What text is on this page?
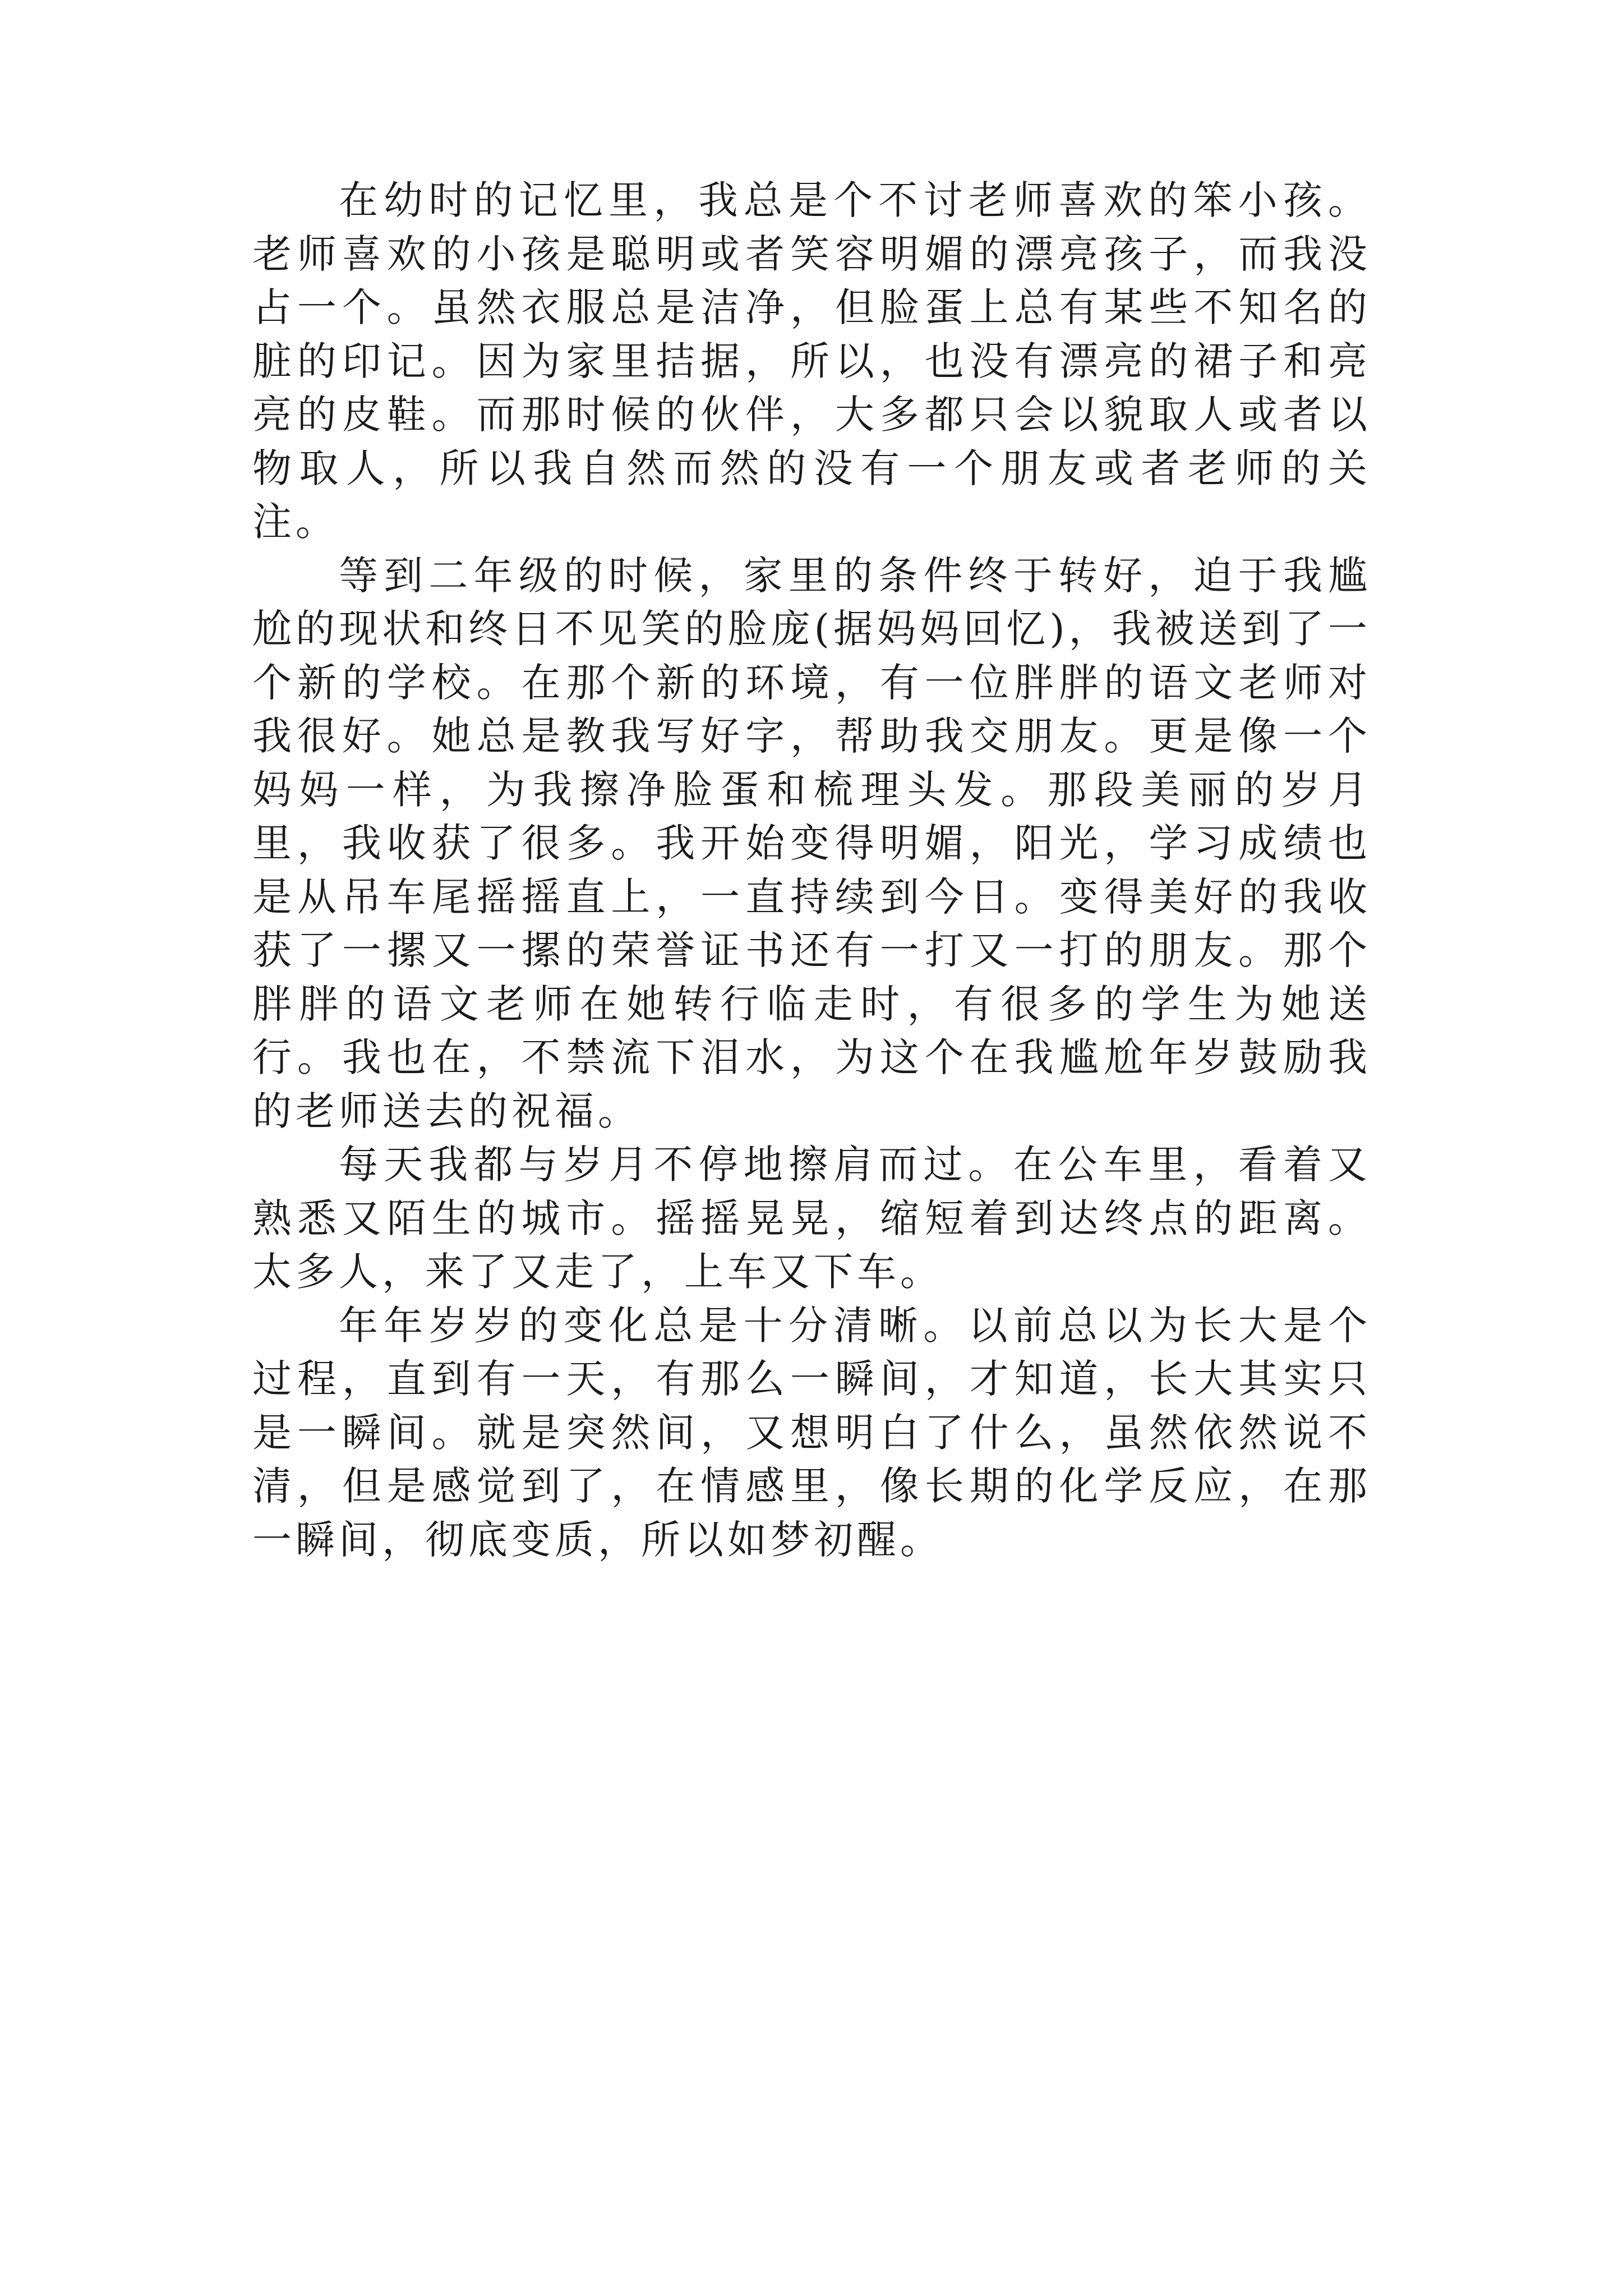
在幼时的记忆里，我总是个不讨老师喜欢的笨小孩。老师喜欢的小孩是聪明或者笑容明媚的漂亮孩子，而我没占一个。虽然衣服总是洁净，但脸蛋上总有某些不知名的脏的印记。因为家里拮据，所以，也没有漂亮的裙子和亮亮的皮鞋。而那时候的伙伴，大多都只会以貌取人或者以物取人，所以我自然而然的没有一个朋友或者老师的关注。

等到二年级的时候，家里的条件终于转好，迫于我尴尬的现状和终日不见笑的脸庞(据妈妈回忆)，我被送到了一个新的学校。在那个新的环境，有一位胖胖的语文老师对我很好。她总是教我写好字，帮助我交朋友。更是像一个妈妈一样，为我擦净脸蛋和梳理头发。那段美丽的岁月里，我收获了很多。我开始变得明媚，阳光，学习成绩也是从吊车尾摇摇直上，一直持续到今日。变得美好的我收获了一摞又一摞的荣誉证书还有一打又一打的朋友。那个胖胖的语文老师在她转行临走时，有很多的学生为她送行。我也在，不禁流下泪水，为这个在我尴尬年岁鼓励我的老师送去的祝福。

每天我都与岁月不停地擦肩而过。在公车里，看着又熟悉又陌生的城市。摇摇晃晃，缩短着到达终点的距离。太多人，来了又走了，上车又下车。

年年岁岁的变化总是十分清晰。以前总以为长大是个过程，直到有一天，有那么一瞬间，才知道，长大其实只是一瞬间。就是突然间，又想明白了什么，虽然依然说不清，但是感觉到了，在情感里，像长期的化学反应，在那一瞬间，彻底变质，所以如梦初醒。
